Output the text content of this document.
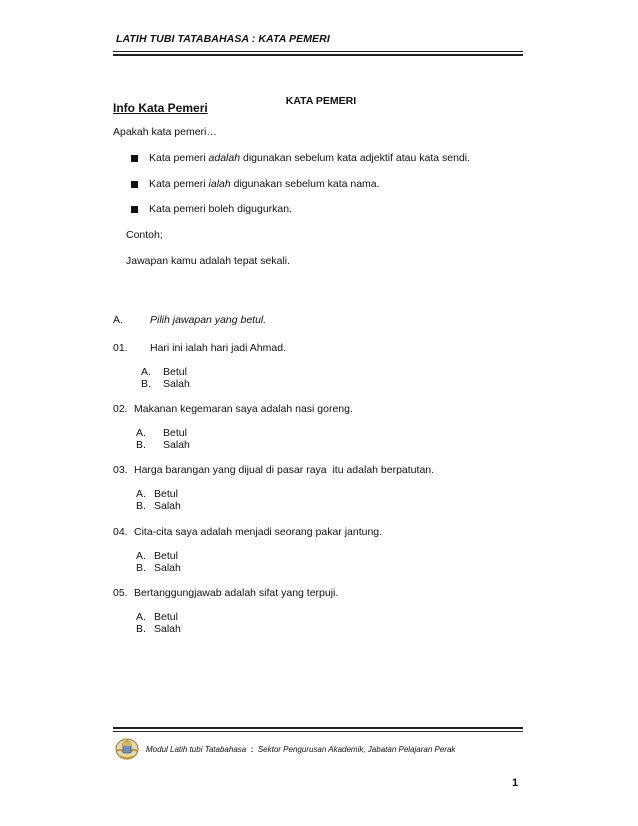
LATIH TUBI TATABAHASA : KATA PEMERI
KATA PEMERI
Info Kata Pemeri
Apakah kata pemeri…
Kata pemeri adalah digunakan sebelum kata adjektif atau kata sendi.
Kata pemeri ialah digunakan sebelum kata nama.
Kata pemeri boleh digugurkan.
Contoh;
Jawapan kamu adalah tepat sekali.
A.	Pilih jawapan yang betul.
01. Hari ini ialah hari jadi Ahmad.
A. Betul
B. Salah
02. Makanan kegemaran saya adalah nasi goreng.
A. Betul
B. Salah
03. Harga barangan yang dijual di pasar raya  itu adalah berpatutan.
A. Betul
B. Salah
04. Cita-cita saya adalah menjadi seorang pakar jantung.
A. Betul
B. Salah
05. Bertanggungjawab adalah sifat yang terpuji.
A. Betul
B. Salah
Modul Latih tubi Tatabahasa : Sektor Pengurusan Akademik, Jabatan Pelajaran Perak
1
